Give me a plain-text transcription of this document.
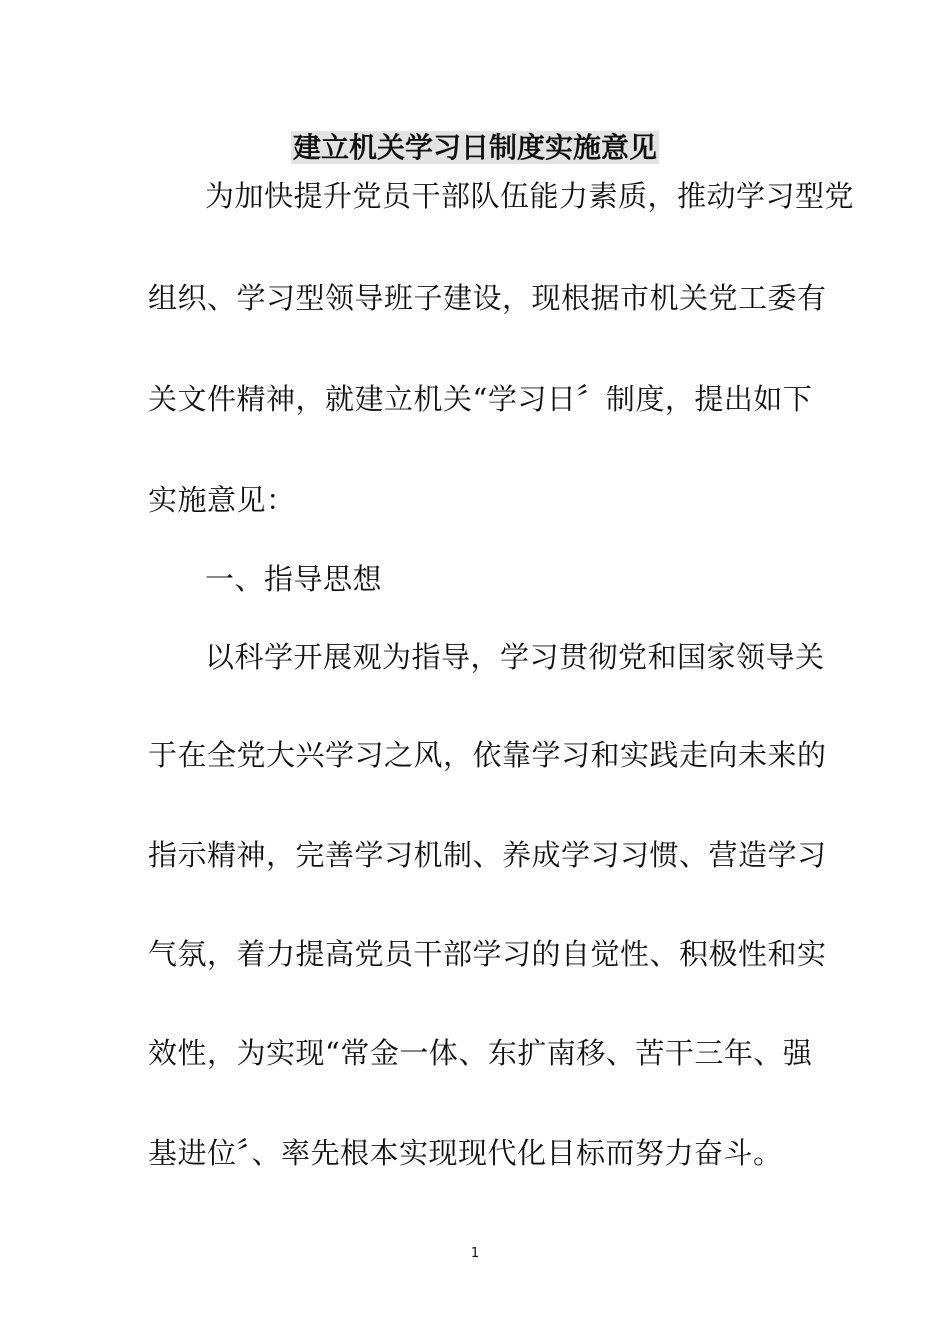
建立机关学习日制度实施意见

为加快提升党员干部队伍能力素质，推动学习型党

组织、学习型领导班子建设，现根据市机关党工委有

关文件精神，就建立机关“学习日〞制度，提出如下

实施意见：

一、指导思想

以科学开展观为指导，学习贯彻党和国家领导关

于在全党大兴学习之风，依靠学习和实践走向未来的

指示精神，完善学习机制、养成学习习惯、营造学习

气氛，着力提高党员干部学习的自觉性、积极性和实

效性，为实现“常金一体、东扩南移、苦干三年、强

基进位〞、率先根本实现现代化目标而努力奋斗。

1
